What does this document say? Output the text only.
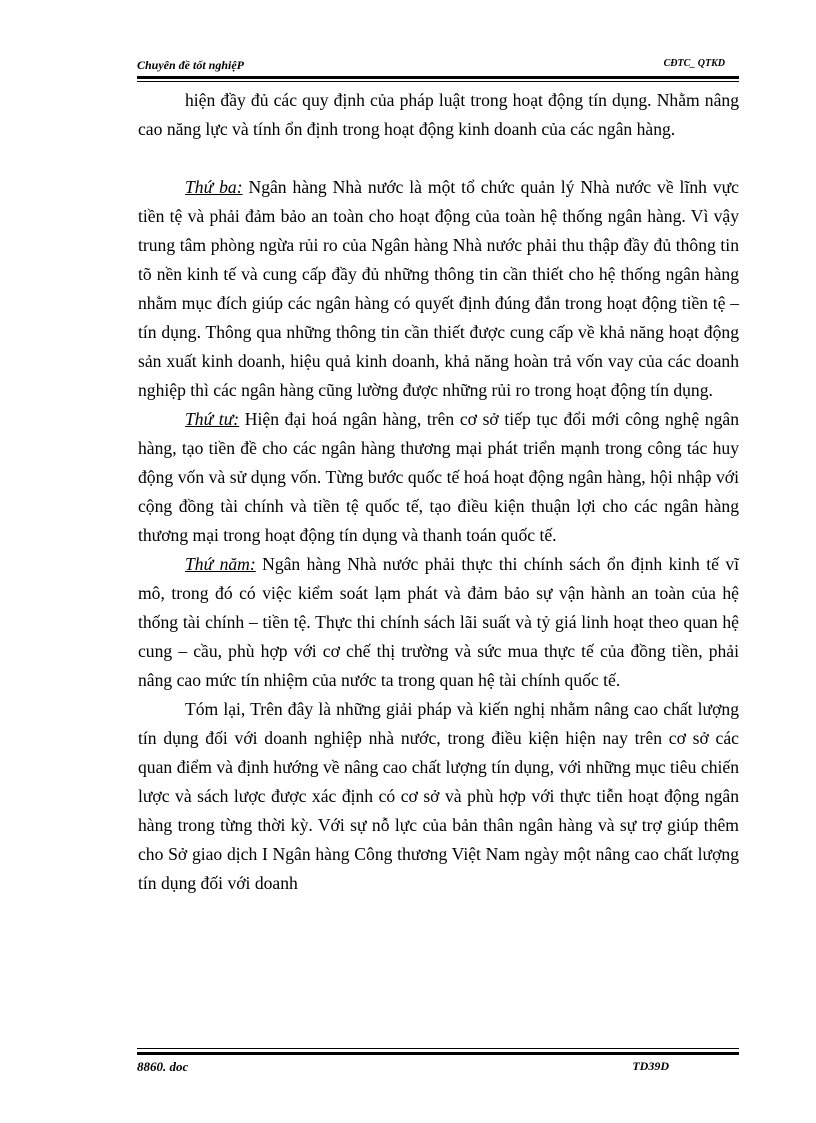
Chuyên đề tốt nghiệP	CĐTC_ QTKD

hiện đầy đủ các quy định của pháp luật trong hoạt động tín dụng. Nhằm nâng cao năng lực và tính ổn định trong hoạt động kinh doanh của các ngân hàng.

Thứ ba: Ngân hàng Nhà nước là một tổ chức quản lý Nhà nước về lĩnh vực tiền tệ và phải đảm bảo an toàn cho hoạt động của toàn hệ thống ngân hàng. Vì vậy trung tâm phòng ngừa rủi ro của Ngân hàng Nhà nước phải thu thập đầy đủ thông tin tõ nền kinh tế và cung cấp đầy đủ những thông tin cần thiết cho hệ thống ngân hàng nhằm mục đích giúp các ngân hàng có quyết định đúng đắn trong hoạt động tiền tệ – tín dụng. Thông qua những thông tin cần thiết được cung cấp về khả năng hoạt động sản xuất kinh doanh, hiệu quả kinh doanh, khả năng hoàn trả vốn vay của các doanh nghiệp thì các ngân hàng cũng lường được những rủi ro trong hoạt động tín dụng.

Thứ tư: Hiện đại hoá ngân hàng, trên cơ sở tiếp tục đổi mới công nghệ ngân hàng, tạo tiền đề cho các ngân hàng thương mại phát triển mạnh trong công tác huy động vốn và sử dụng vốn. Từng bước quốc tế hoá hoạt động ngân hàng, hội nhập với cộng đồng tài chính và tiền tệ quốc tế, tạo điều kiện thuận lợi cho các ngân hàng thương mại trong hoạt động tín dụng và thanh toán quốc tế.

Thứ năm: Ngân hàng Nhà nước phải thực thi chính sách ổn định kinh tế vĩ mô, trong đó có việc kiểm soát lạm phát và đảm bảo sự vận hành an toàn của hệ thống tài chính – tiền tệ. Thực thi chính sách lãi suất và tỷ giá linh hoạt theo quan hệ cung – cầu, phù hợp với cơ chế thị trường và sức mua thực tế của đồng tiền, phải nâng cao mức tín nhiệm của nước ta trong quan hệ tài chính quốc tế.

Tóm lại, Trên đây là những giải pháp và kiến nghị nhằm nâng cao chất lượng tín dụng đối với doanh nghiệp nhà nước, trong điều kiện hiện nay trên cơ sở các quan điểm và định hướng về nâng cao chất lượng tín dụng, với những mục tiêu chiến lược và sách lược được xác định có cơ sở và phù hợp với thực tiễn hoạt động ngân hàng trong từng thời kỳ. Với sự nỗ lực của bản thân ngân hàng và sự trợ giúp thêm cho Sở giao dịch I Ngân hàng Công thương Việt Nam ngày một nâng cao chất lượng tín dụng đối với doanh

8860. doc	TD39D
